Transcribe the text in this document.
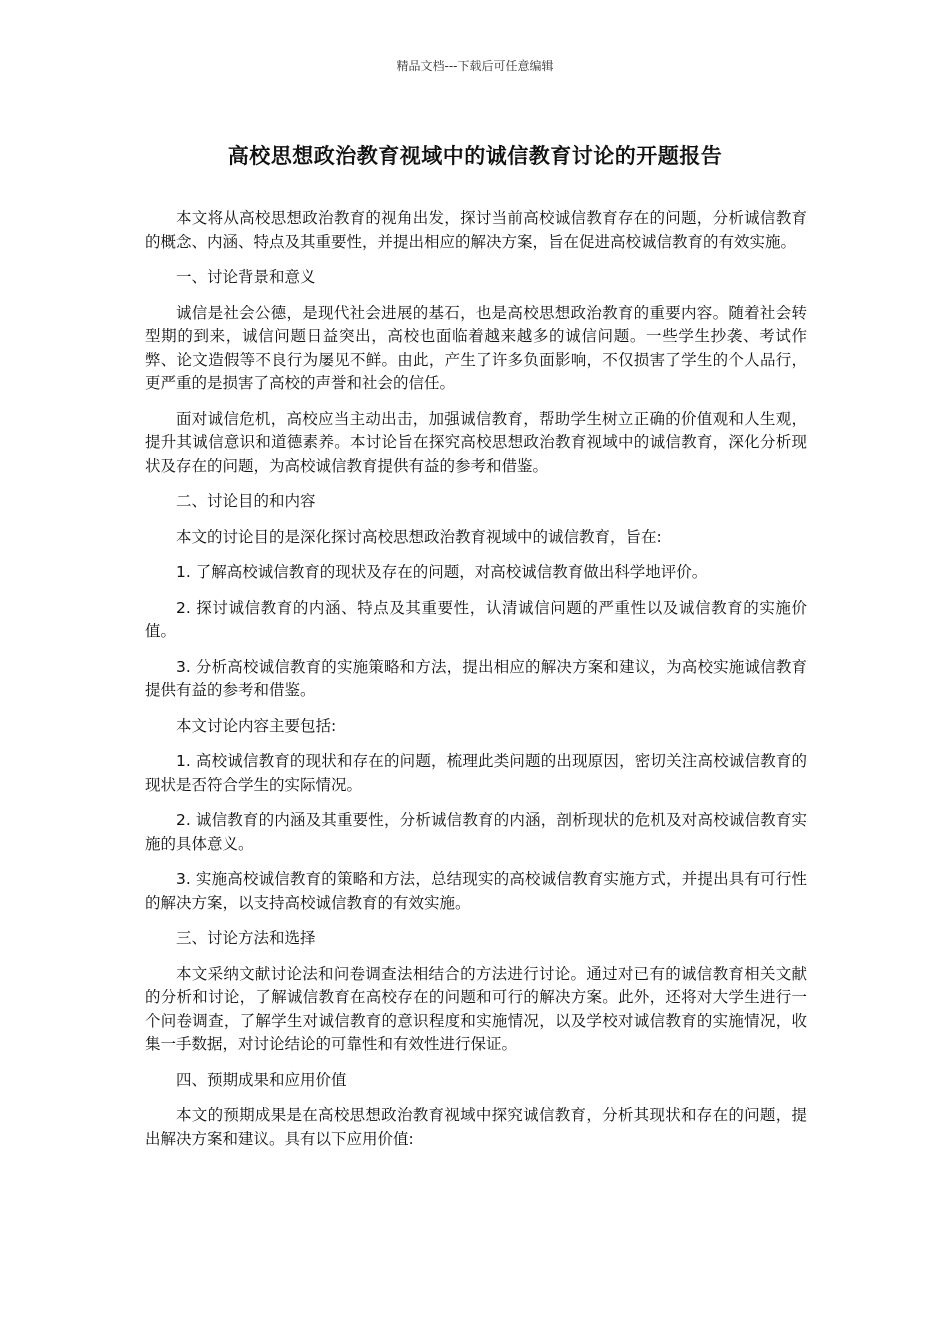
精品文档---下载后可任意编辑
高校思想政治教育视域中的诚信教育讨论的开题报告

本文将从高校思想政治教育的视角出发，探讨当前高校诚信教育存在的问题，分析诚信教育的概念、内涵、特点及其重要性，并提出相应的解决方案，旨在促进高校诚信教育的有效实施。

一、讨论背景和意义

诚信是社会公德，是现代社会进展的基石，也是高校思想政治教育的重要内容。随着社会转型期的到来，诚信问题日益突出，高校也面临着越来越多的诚信问题。一些学生抄袭、考试作弊、论文造假等不良行为屡见不鲜。由此，产生了许多负面影响，不仅损害了学生的个人品行，更严重的是损害了高校的声誉和社会的信任。

面对诚信危机，高校应当主动出击，加强诚信教育，帮助学生树立正确的价值观和人生观，提升其诚信意识和道德素养。本讨论旨在探究高校思想政治教育视域中的诚信教育，深化分析现状及存在的问题，为高校诚信教育提供有益的参考和借鉴。

二、讨论目的和内容

本文的讨论目的是深化探讨高校思想政治教育视域中的诚信教育，旨在:

1. 了解高校诚信教育的现状及存在的问题，对高校诚信教育做出科学地评价。

2. 探讨诚信教育的内涵、特点及其重要性，认清诚信问题的严重性以及诚信教育的实施价值。

3. 分析高校诚信教育的实施策略和方法，提出相应的解决方案和建议，为高校实施诚信教育提供有益的参考和借鉴。

本文讨论内容主要包括:

1. 高校诚信教育的现状和存在的问题，梳理此类问题的出现原因，密切关注高校诚信教育的现状是否符合学生的实际情况。

2. 诚信教育的内涵及其重要性，分析诚信教育的内涵，剖析现状的危机及对高校诚信教育实施的具体意义。

3. 实施高校诚信教育的策略和方法，总结现实的高校诚信教育实施方式，并提出具有可行性的解决方案，以支持高校诚信教育的有效实施。

三、讨论方法和选择

本文采纳文献讨论法和问卷调查法相结合的方法进行讨论。通过对已有的诚信教育相关文献的分析和讨论，了解诚信教育在高校存在的问题和可行的解决方案。此外，还将对大学生进行一个问卷调查，了解学生对诚信教育的意识程度和实施情况，以及学校对诚信教育的实施情况，收集一手数据，对讨论结论的可靠性和有效性进行保证。

四、预期成果和应用价值

本文的预期成果是在高校思想政治教育视域中探究诚信教育，分析其现状和存在的问题，提出解决方案和建议。具有以下应用价值:
